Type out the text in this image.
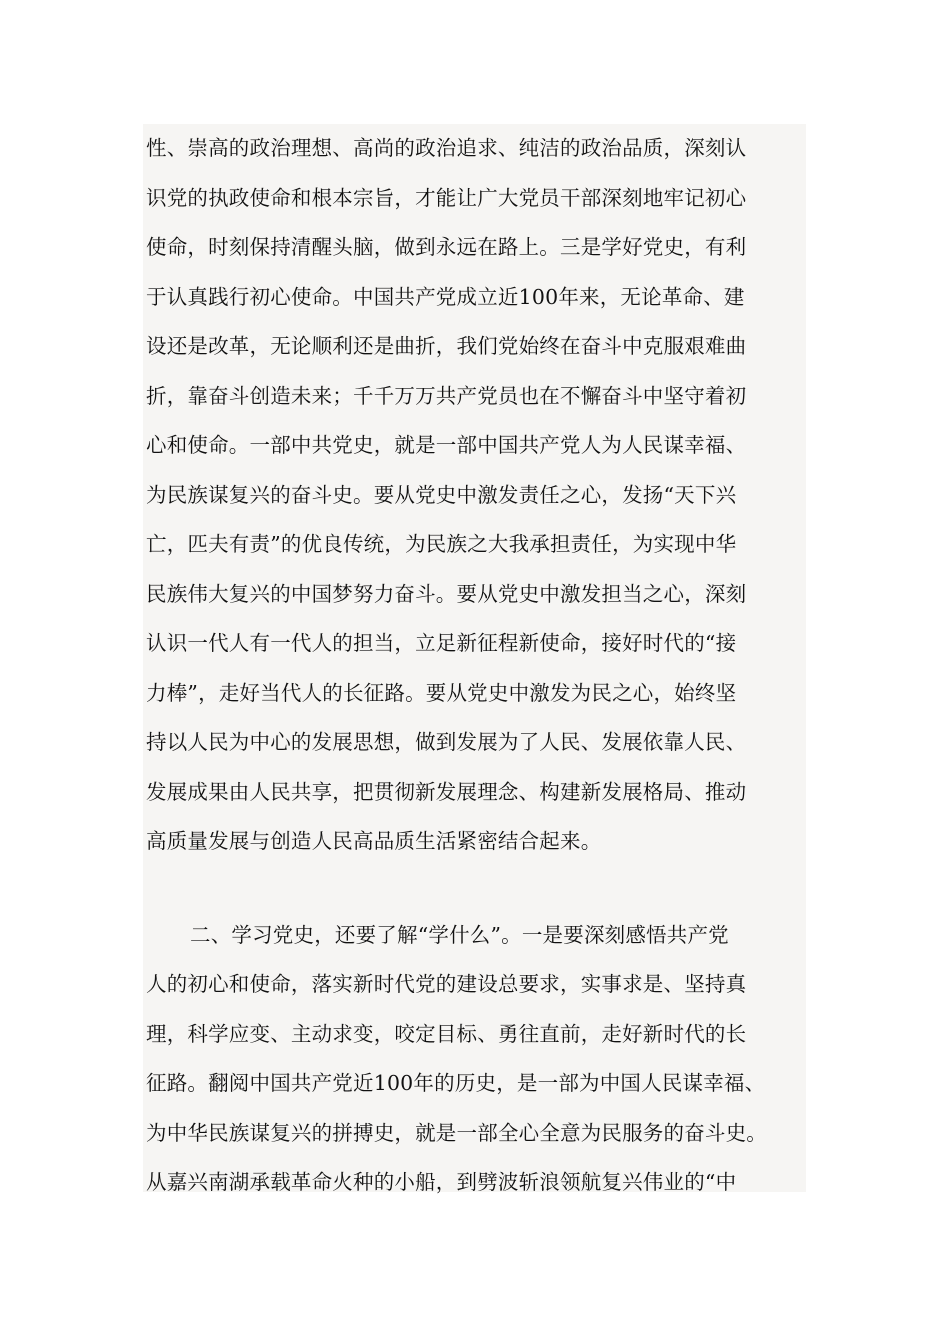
性、崇高的政治理想、高尚的政治追求、纯洁的政治品质，深刻认
识党的执政使命和根本宗旨，才能让广大党员干部深刻地牢记初心
使命，时刻保持清醒头脑，做到永远在路上。三是学好党史，有利
于认真践行初心使命。中国共产党成立近100年来，无论革命、建
设还是改革，无论顺利还是曲折，我们党始终在奋斗中克服艰难曲
折，靠奋斗创造未来；千千万万共产党员也在不懈奋斗中坚守着初
心和使命。一部中共党史，就是一部中国共产党人为人民谋幸福、
为民族谋复兴的奋斗史。要从党史中激发责任之心，发扬“天下兴
亡，匹夫有责”的优良传统，为民族之大我承担责任，为实现中华
民族伟大复兴的中国梦努力奋斗。要从党史中激发担当之心，深刻
认识一代人有一代人的担当，立足新征程新使命，接好时代的“接
力棒”，走好当代人的长征路。要从党史中激发为民之心，始终坚
持以人民为中心的发展思想，做到发展为了人民、发展依靠人民、
发展成果由人民共享，把贯彻新发展理念、构建新发展格局、推动
高质量发展与创造人民高品质生活紧密结合起来。
二、学习党史，还要了解“学什么”。一是要深刻感悟共产党
人的初心和使命，落实新时代党的建设总要求，实事求是、坚持真
理，科学应变、主动求变，咬定目标、勇往直前，走好新时代的长
征路。翻阅中国共产党近100年的历史，是一部为中国人民谋幸福、
为中华民族谋复兴的拼搏史，就是一部全心全意为民服务的奋斗史。
从嘉兴南湖承载革命火种的小船，到劈波斩浪领航复兴伟业的“中
